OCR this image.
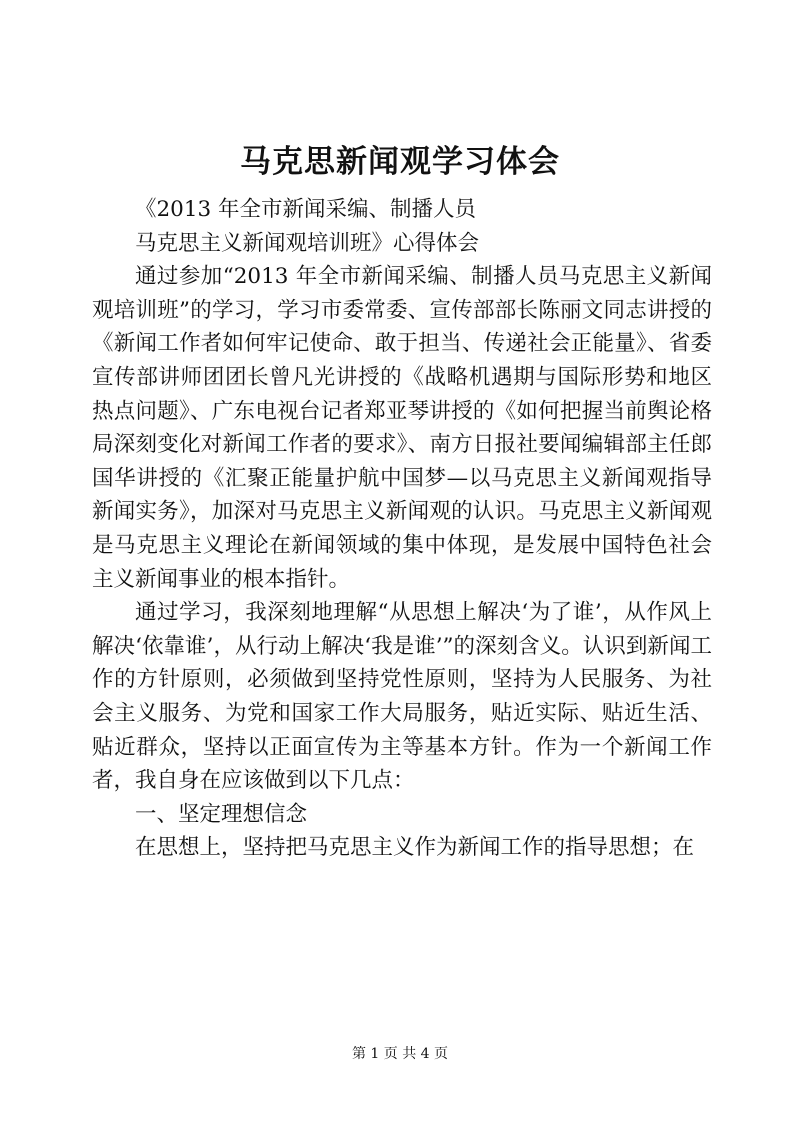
马克思新闻观学习体会

《2013 年全市新闻采编、制播人员

马克思主义新闻观培训班》心得体会

通过参加“2013 年全市新闻采编、制播人员马克思主义新闻观培训班”的学习，学习市委常委、宣传部部长陈丽文同志讲授的《新闻工作者如何牢记使命、敢于担当、传递社会正能量》、省委宣传部讲师团团长曾凡光讲授的《战略机遇期与国际形势和地区热点问题》、广东电视台记者郑亚琴讲授的《如何把握当前舆论格局深刻变化对新闻工作者的要求》、南方日报社要闻编辑部主任郎国华讲授的《汇聚正能量护航中国梦—以马克思主义新闻观指导新闻实务》，加深对马克思主义新闻观的认识。马克思主义新闻观是马克思主义理论在新闻领域的集中体现，是发展中国特色社会主义新闻事业的根本指针。

通过学习，我深刻地理解“从思想上解决‘为了谁’，从作风上解决‘依靠谁’，从行动上解决‘我是谁’”的深刻含义。认识到新闻工作的方针原则，必须做到坚持党性原则，坚持为人民服务、为社会主义服务、为党和国家工作大局服务，贴近实际、贴近生活、贴近群众，坚持以正面宣传为主等基本方针。作为一个新闻工作者，我自身在应该做到以下几点：

一、坚定理想信念

在思想上，坚持把马克思主义作为新闻工作的指导思想；在

第 1 页 共 4 页
